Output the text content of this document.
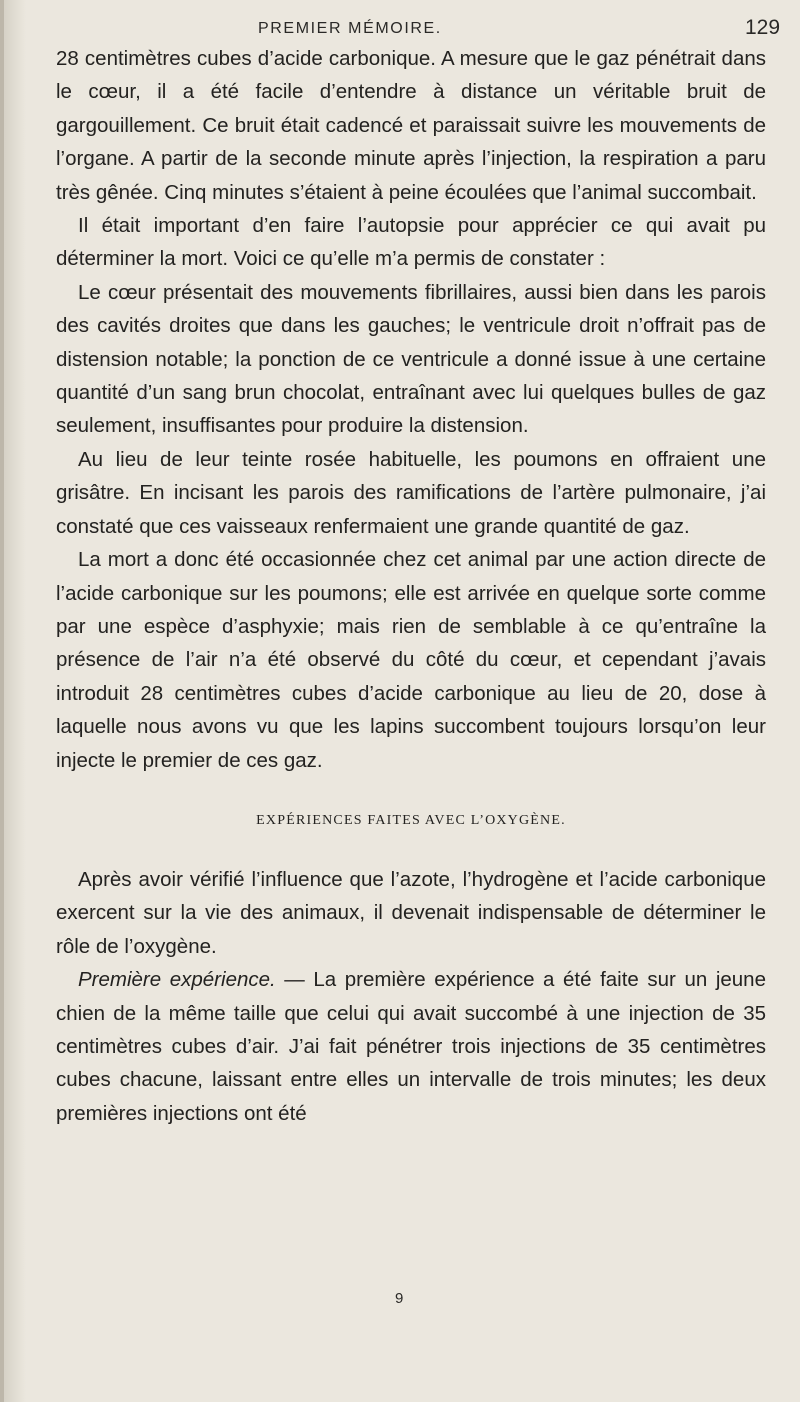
PREMIER MÉMOIRE.	129

28 centimètres cubes d’acide carbonique. A mesure que le gaz pénétrait dans le cœur, il a été facile d’entendre à distance un véritable bruit de gargouillement. Ce bruit était cadencé et paraissait suivre les mouvements de l’organe. A partir de la seconde minute après l’injection, la respiration a paru très gênée. Cinq minutes s’étaient à peine écoulées que l’animal succombait.

Il était important d’en faire l’autopsie pour apprécier ce qui avait pu déterminer la mort. Voici ce qu’elle m’a permis de constater :

Le cœur présentait des mouvements fibrillaires, aussi bien dans les parois des cavités droites que dans les gauches; le ventricule droit n’offrait pas de distension notable; la ponction de ce ventricule a donné issue à une certaine quantité d’un sang brun chocolat, entraînant avec lui quelques bulles de gaz seulement, insuffisantes pour produire la distension.

Au lieu de leur teinte rosée habituelle, les poumons en offraient une grisâtre. En incisant les parois des ramifications de l’artère pulmonaire, j’ai constaté que ces vaisseaux renfermaient une grande quantité de gaz.

La mort a donc été occasionnée chez cet animal par une action directe de l’acide carbonique sur les poumons; elle est arrivée en quelque sorte comme par une espèce d’asphyxie; mais rien de semblable à ce qu’entraîne la présence de l’air n’a été observé du côté du cœur, et cependant j’avais introduit 28 centimètres cubes d’acide carbonique au lieu de 20, dose à laquelle nous avons vu que les lapins succombent toujours lorsqu’on leur injecte le premier de ces gaz.

EXPÉRIENCES FAITES AVEC L’OXYGÈNE.

Après avoir vérifié l’influence que l’azote, l’hydrogène et l’acide carbonique exercent sur la vie des animaux, il devenait indispensable de déterminer le rôle de l’oxygène.

Première expérience. — La première expérience a été faite sur un jeune chien de la même taille que celui qui avait succombé à une injection de 35 centimètres cubes d’air. J’ai fait pénétrer trois injections de 35 centimètres cubes chacune, laissant entre elles un intervalle de trois minutes; les deux premières injections ont été

9
